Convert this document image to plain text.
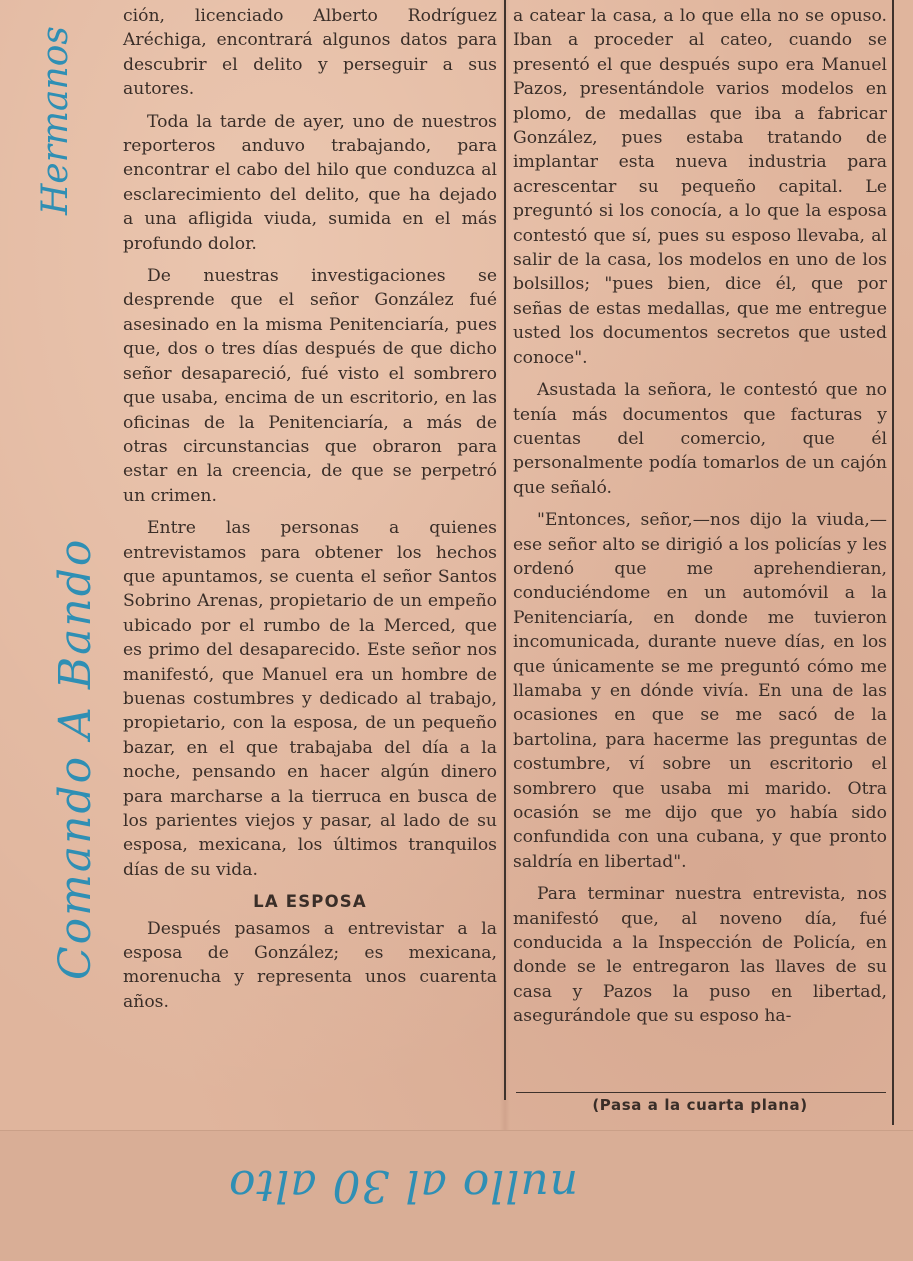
ción, licenciado Alberto Rodríguez Aréchiga, encontrará algunos datos para descubrir el delito y perseguir a sus autores.

Toda la tarde de ayer, uno de nuestros reporteros anduvo trabajando, para encontrar el cabo del hilo que conduzca al esclarecimiento del delito, que ha dejado a una afligida viuda, sumida en el más profundo dolor.

De nuestras investigaciones se desprende que el señor González fué asesinado en la misma Penitenciaría, pues que, dos o tres días después de que dicho señor desapareció, fué visto el sombrero que usaba, encima de un escritorio, en las oficinas de la Penitenciaría, a más de otras circunstancias que obraron para estar en la creencia, de que se perpetró un crimen.

Entre las personas a quienes entrevistamos para obtener los hechos que apuntamos, se cuenta el señor Santos Sobrino Arenas, propietario de un empeño ubicado por el rumbo de la Merced, que es primo del desaparecido. Este señor nos manifestó, que Manuel era un hombre de buenas costumbres y dedicado al trabajo, propietario, con la esposa, de un pequeño bazar, en el que trabajaba del día a la noche, pensando en hacer algún dinero para marcharse a la tierruca en busca de los parientes viejos y pasar, al lado de su esposa, mexicana, los últimos tranquilos días de su vida.

LA ESPOSA

Después pasamos a entrevistar a la esposa de González; es mexicana, morenucha y representa unos cuarenta años.

a catear la casa, a lo que ella no se opuso. Iban a proceder al cateo, cuando se presentó el que después supo era Manuel Pazos, presentándole varios modelos en plomo, de medallas que iba a fabricar González, pues estaba tratando de implantar esta nueva industria para acrescentar su pequeño capital. Le preguntó si los conocía, a lo que la esposa contestó que sí, pues su esposo llevaba, al salir de la casa, los modelos en uno de los bolsillos; "pues bien, dice él, que por señas de estas medallas, que me entregue usted los documentos secretos que usted conoce".

Asustada la señora, le contestó que no tenía más documentos que facturas y cuentas del comercio, que él personalmente podía tomarlos de un cajón que señaló.

"Entonces, señor,—nos dijo la viuda,— ese señor alto se dirigió a los policías y les ordenó que me aprehendieran, conduciéndome en un automóvil a la Penitenciaría, en donde me tuvieron incomunicada, durante nueve días, en los que únicamente se me preguntó cómo me llamaba y en dónde vivía. En una de las ocasiones en que se me sacó de la bartolina, para hacerme las preguntas de costumbre, ví sobre un escritorio el sombrero que usaba mi marido. Otra ocasión se me dijo que yo había sido confundida con una cubana, y que pronto saldría en libertad".

Para terminar nuestra entrevista, nos manifestó que, al noveno día, fué conducida a la Inspección de Policía, en donde se le entregaron las llaves de su casa y Pazos la puso en libertad, asegurándole que su esposo ha-

(Pasa a la cuarta plana)
Hermanos
Comando A Bando
nullo al 30 alto
